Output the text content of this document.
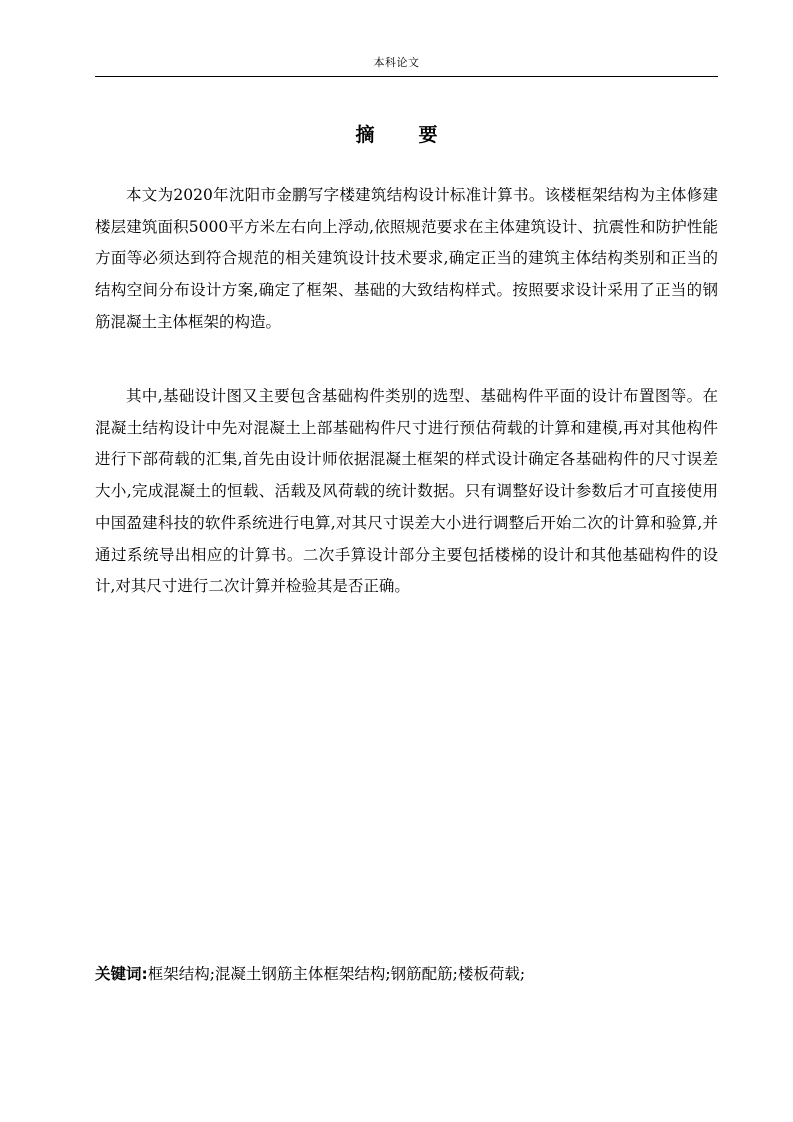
本科论文
摘要

本文为2020年沈阳市金鹏写字楼建筑结构设计标准计算书。该楼框架结构为主体修建楼层建筑面积5000平方米左右向上浮动,依照规范要求在主体建筑设计、抗震性和防护性能方面等必须达到符合规范的相关建筑设计技术要求,确定正当的建筑主体结构类别和正当的结构空间分布设计方案,确定了框架、基础的大致结构样式。按照要求设计采用了正当的钢筋混凝土主体框架的构造。

其中,基础设计图又主要包含基础构件类别的选型、基础构件平面的设计布置图等。在混凝土结构设计中先对混凝土上部基础构件尺寸进行预估荷载的计算和建模,再对其他构件进行下部荷载的汇集,首先由设计师依据混凝土框架的样式设计确定各基础构件的尺寸误差大小,完成混凝土的恒载、活载及风荷载的统计数据。只有调整好设计参数后才可直接使用中国盈建科技的软件系统进行电算,对其尺寸误差大小进行调整后开始二次的计算和验算,并通过系统导出相应的计算书。二次手算设计部分主要包括楼梯的设计和其他基础构件的设计,对其尺寸进行二次计算并检验其是否正确。

关键词:框架结构;混凝土钢筋主体框架结构;钢筋配筋;楼板荷载;
